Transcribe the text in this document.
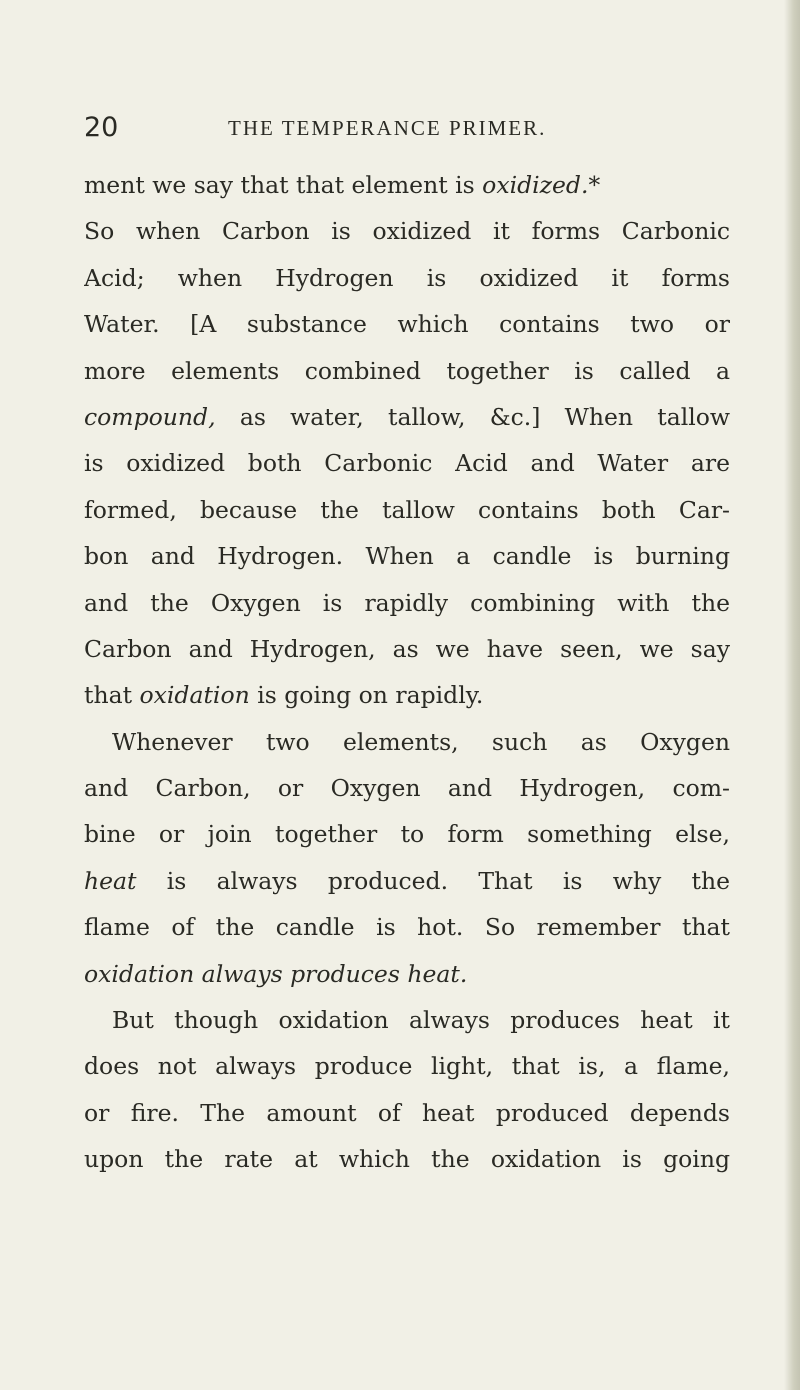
20	THE TEMPERANCE PRIMER.
ment we say that that element is oxidized.*
So when Carbon is oxidized it forms Carbonic
Acid; when Hydrogen is oxidized it forms
Water. [A substance which contains two or
more elements combined together is called a
compound, as water, tallow, &c.] When tallow
is oxidized both Carbonic Acid and Water are
formed, because the tallow contains both Car-
bon and Hydrogen. When a candle is burning
and the Oxygen is rapidly combining with the
Carbon and Hydrogen, as we have seen, we say
that oxidation is going on rapidly.
Whenever two elements, such as Oxygen
and Carbon, or Oxygen and Hydrogen, com-
bine or join together to form something else,
heat is always produced. That is why the
flame of the candle is hot. So remember that
oxidation always produces heat.
But though oxidation always produces heat it
does not always produce light, that is, a flame,
or fire. The amount of heat produced depends
upon the rate at which the oxidation is going
